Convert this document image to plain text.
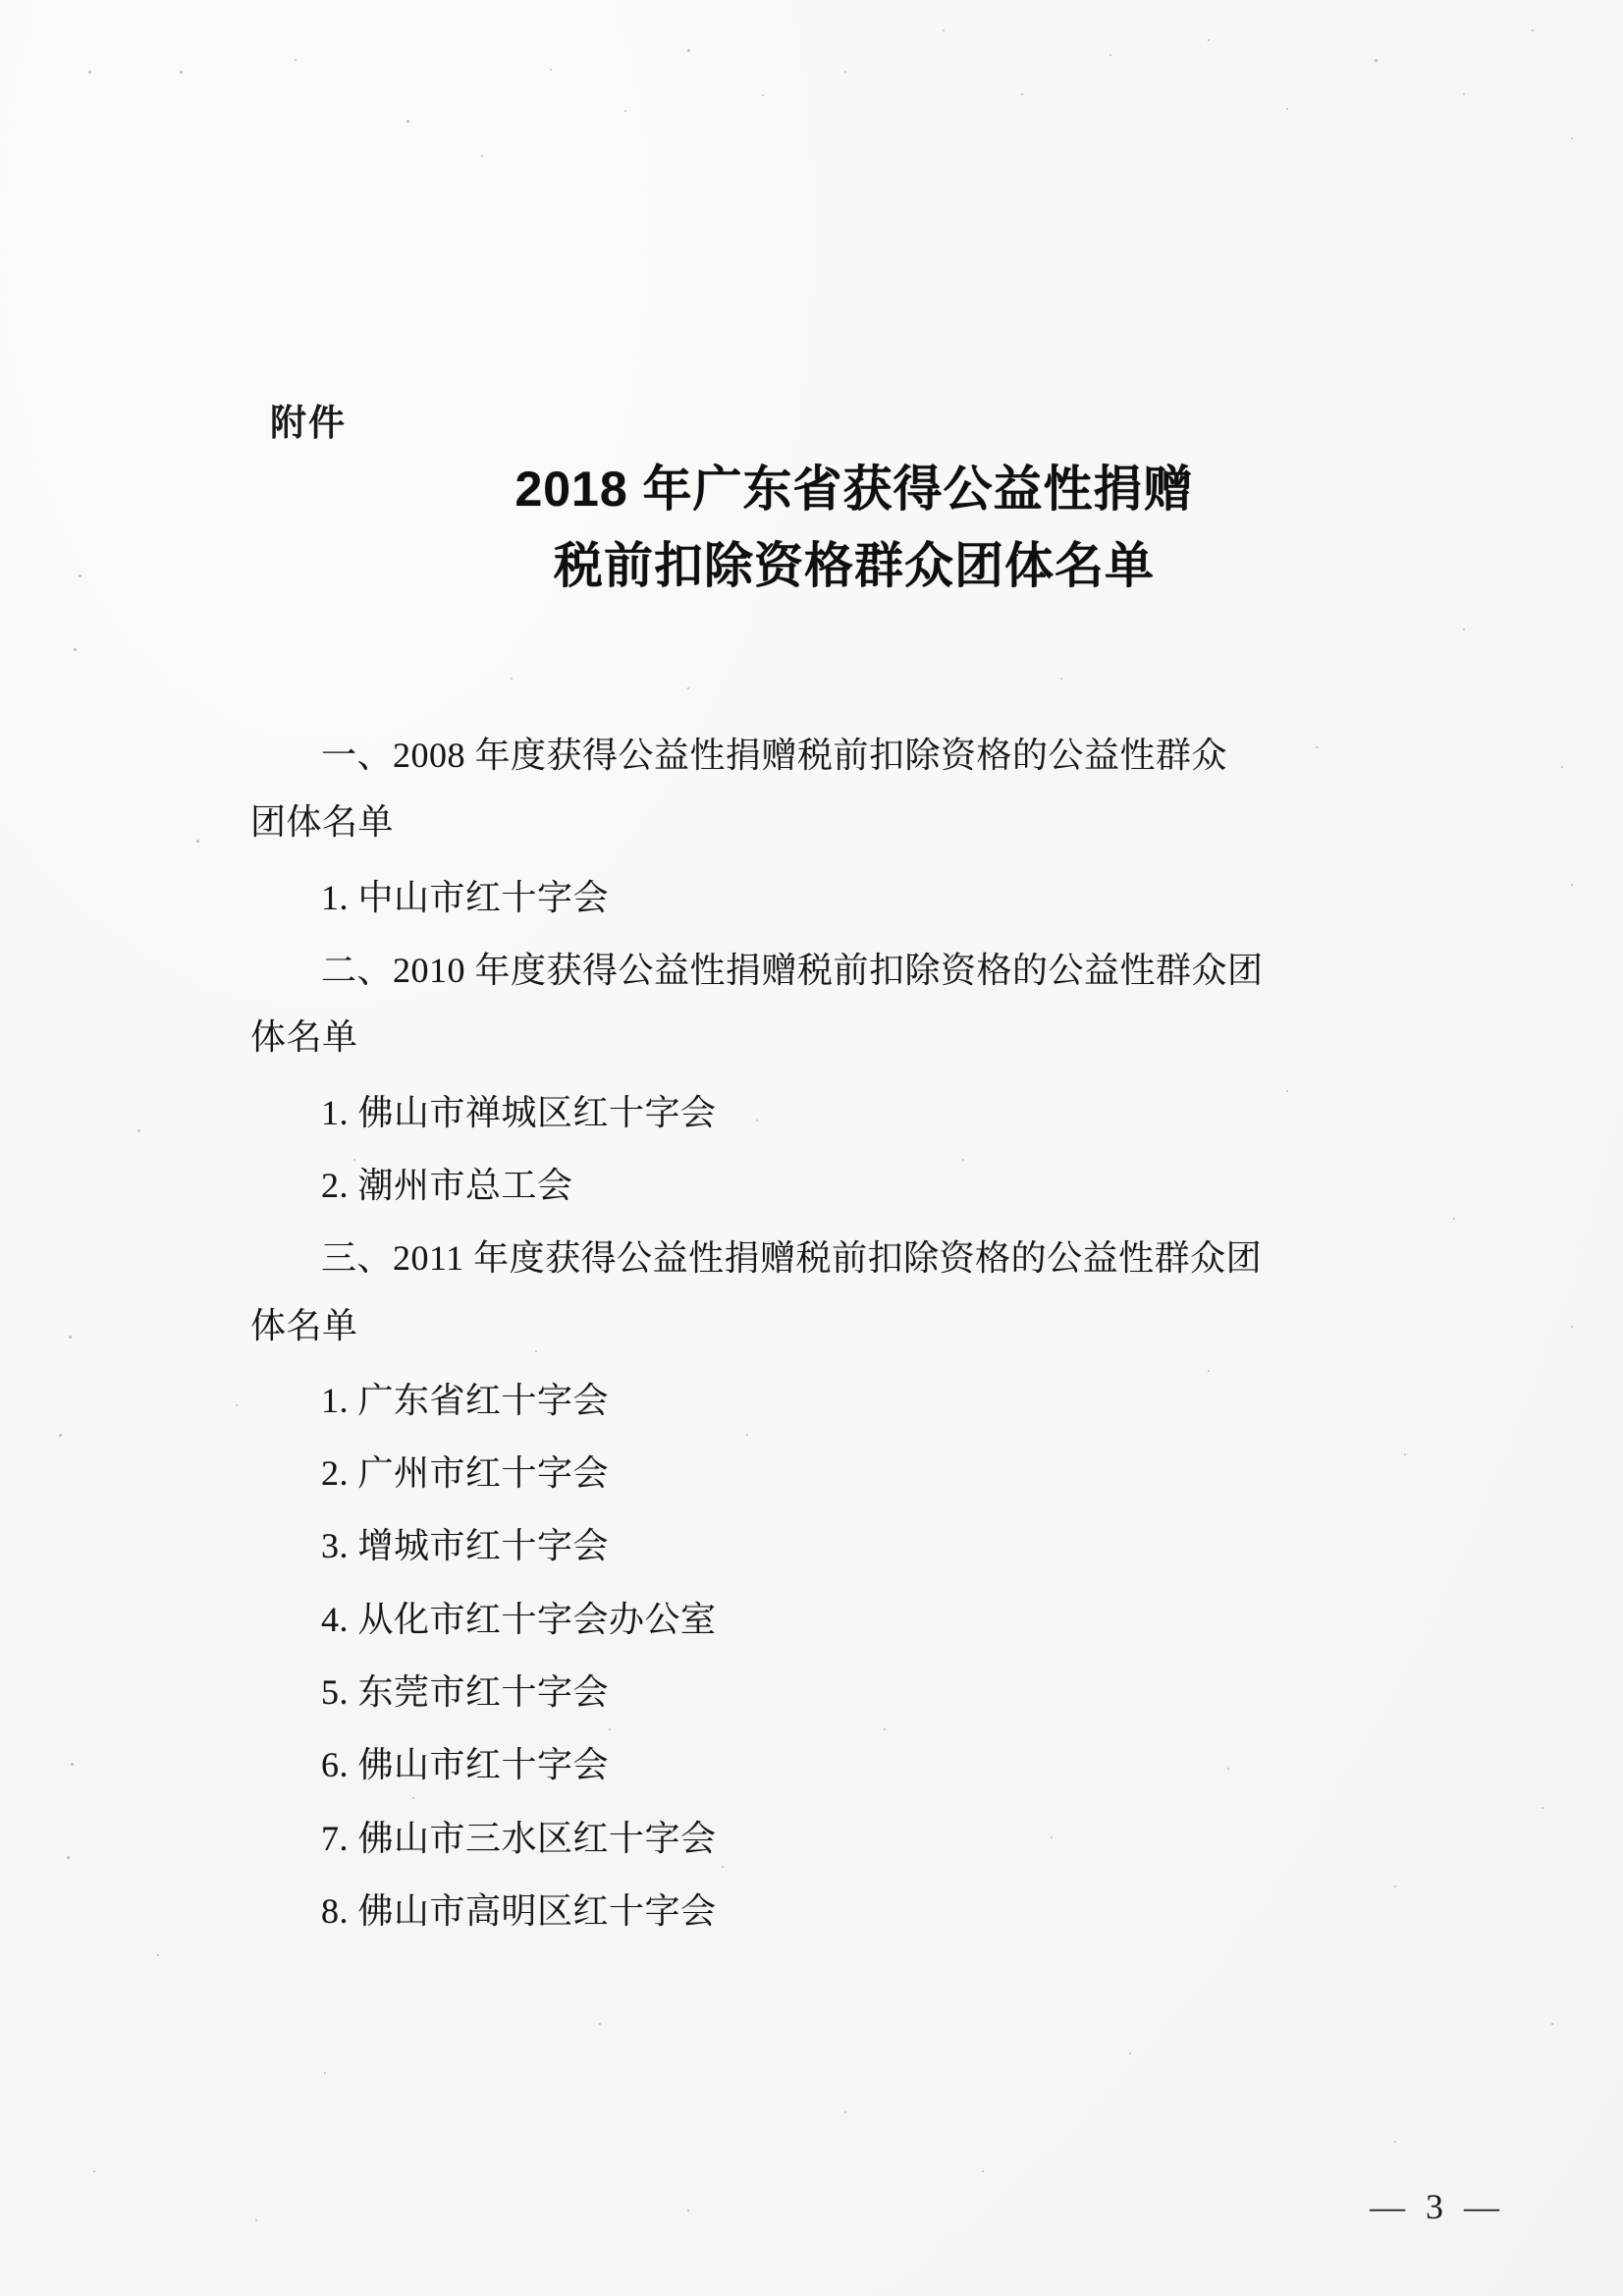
附件
2018 年广东省获得公益性捐赠
税前扣除资格群众团体名单

一、2008 年度获得公益性捐赠税前扣除资格的公益性群众

团体名单

1. 中山市红十字会

二、2010 年度获得公益性捐赠税前扣除资格的公益性群众团

体名单

1. 佛山市禅城区红十字会

2. 潮州市总工会

三、2011 年度获得公益性捐赠税前扣除资格的公益性群众团

体名单

1. 广东省红十字会

2. 广州市红十字会

3. 增城市红十字会

4. 从化市红十字会办公室

5. 东莞市红十字会

6. 佛山市红十字会

7. 佛山市三水区红十字会

8. 佛山市高明区红十字会

— 3 —
